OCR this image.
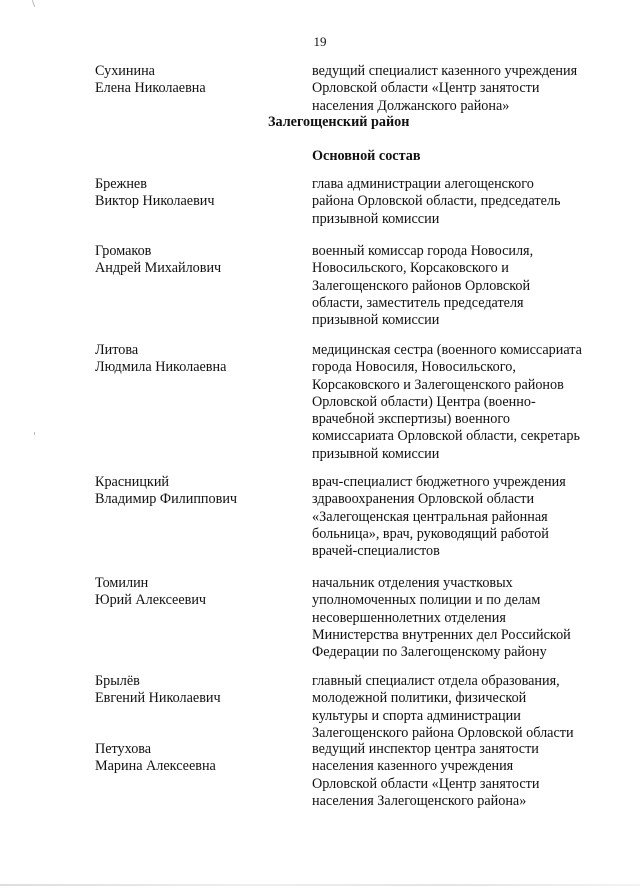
19
Сухинина
Елена Николаевна
ведущий специалист казенного учреждения
Орловской области «Центр занятости
населения Должанского района»
Залегощенский район
Основной состав
Брежнев
Виктор Николаевич
глава администрации алегощенского
района Орловской области, председатель
призывной комиссии
Громаков
Андрей Михайлович
военный комиссар города Новосиля,
Новосильского, Корсаковского и
Залегощенского районов Орловской
области, заместитель председателя
призывной комиссии
Литова
Людмила Николаевна
медицинская сестра (военного комиссариата
города Новосиля, Новосильского,
Корсаковского и Залегощенского районов
Орловской области) Центра (военно-
врачебной экспертизы) военного
комиссариата Орловской области, секретарь
призывной комиссии
Красницкий
Владимир Филиппович
врач-специалист бюджетного учреждения
здравоохранения Орловской области
«Залегощенская центральная районная
больница», врач, руководящий работой
врачей-специалистов
Томилин
Юрий Алексеевич
начальник отделения участковых
уполномоченных полиции и по делам
несовершеннолетних отделения
Министерства внутренних дел Российской
Федерации по Залегощенскому району
Брылёв
Евгений Николаевич
главный специалист отдела образования,
молодежной политики, физической
культуры и спорта администрации
Залегощенского района Орловской области
Петухова
Марина Алексеевна
ведущий инспектор центра занятости
населения казенного учреждения
Орловской области «Центр занятости
населения Залегощенского района»
